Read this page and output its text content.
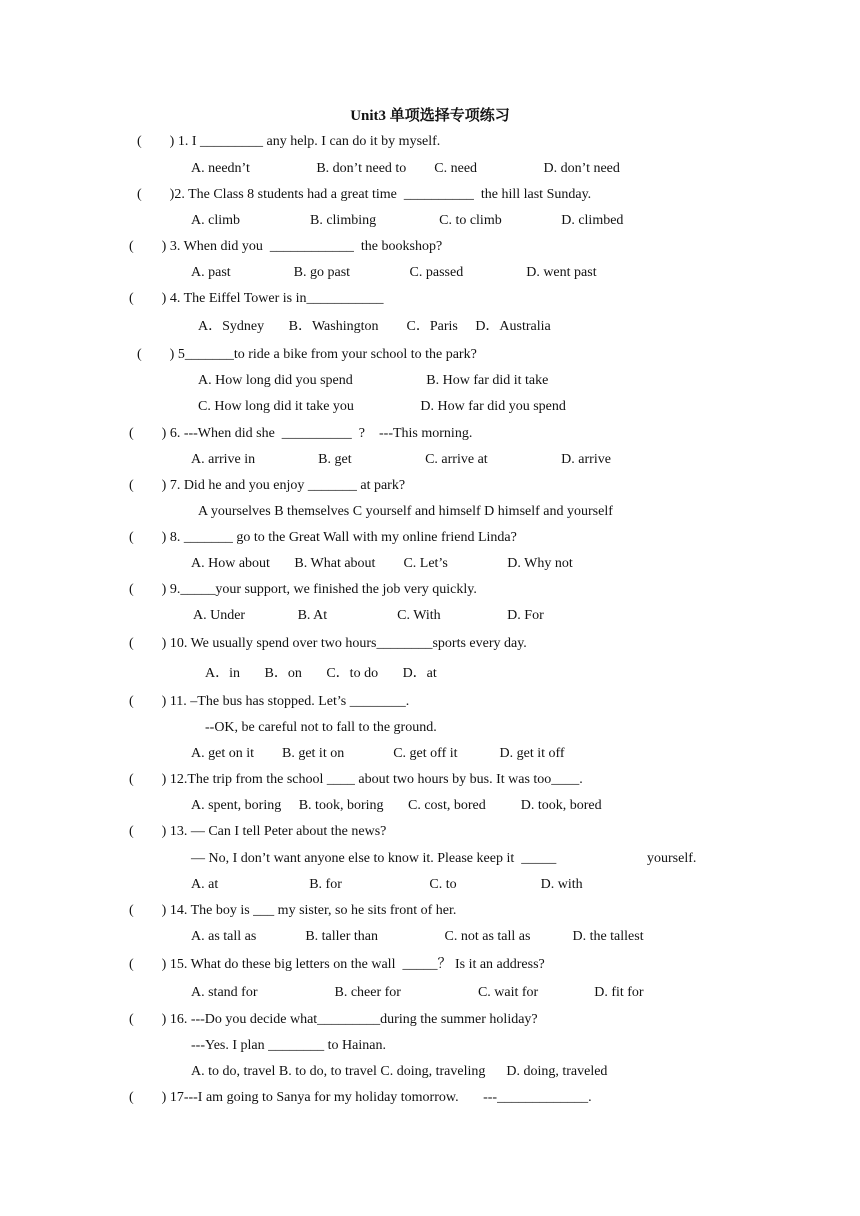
Unit3 单项选择专项练习
(        ) 1. I _________ any help. I can do it by myself.
A. needn’t                   B. don’t need to        C. need                   D. don’t need
(        )2. The Class 8 students had a great time  __________  the hill last Sunday.
A. climb                    B. climbing                  C. to climb                 D. climbed
(        ) 3. When did you  ____________  the bookshop?
A. past                  B. go past                 C. passed                  D. went past
(        ) 4. The Eiffel Tower is in___________
A．Sydney       B．Washington        C．Paris     D．Australia
(        ) 5_______to ride a bike from your school to the park?
A. How long did you spend                     B. How far did it take
C. How long did it take you                   D. How far did you spend
(        ) 6. ---When did she  __________  ?    ---This morning.
A. arrive in                  B. get                     C. arrive at                     D. arrive
(        ) 7. Did he and you enjoy _______ at park?
A yourselves B themselves C yourself and himself D himself and yourself
(        ) 8. _______ go to the Great Wall with my online friend Linda?
A. How about       B. What about        C. Let’s                 D. Why not
(        ) 9._____your support, we finished the job very quickly.
A. Under               B. At                    C. With                   D. For
(        ) 10. We usually spend over two hours________sports every day.
A．in       B．on       C．to do       D．at
(        ) 11. –The bus has stopped. Let’s ________.
--OK, be careful not to fall to the ground.
A. get on it        B. get it on              C. get off it            D. get it off
(        ) 12.The trip from the school ____ about two hours by bus. It was too____.
A. spent, boring     B. took, boring       C. cost, bored          D. took, bored
(        ) 13. — Can I tell Peter about the news?
— No, I don’t want anyone else to know it. Please keep it  _____	yourself.
A. at                          B. for                         C. to                        D. with
(        ) 14. The boy is ___ my sister, so he sits front of her.
A. as tall as              B. taller than                   C. not as tall as            D. the tallest
(        ) 15. What do these big letters on the wall  _____？ Is it an address?
A. stand for                      B. cheer for                      C. wait for                D. fit for
(        ) 16. ---Do you decide what_________during the summer holiday?
---Yes. I plan ________ to Hainan.
A. to do, travel B. to do, to travel C. doing, traveling      D. doing, traveled
(        ) 17---I am going to Sanya for my holiday tomorrow.       ---_____________.
